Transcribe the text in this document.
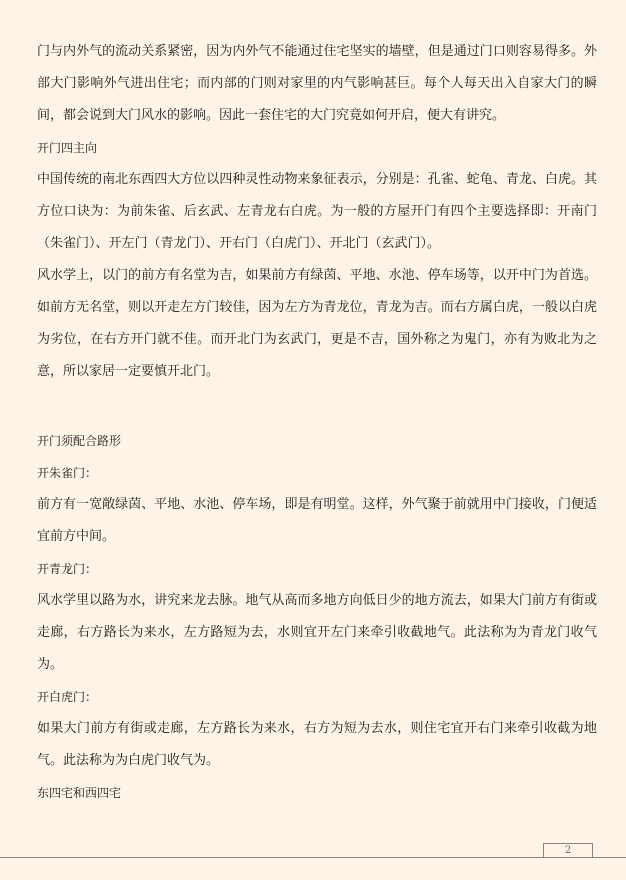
门与内外气的流动关系紧密，因为内外气不能通过住宅坚实的墙壁，但是通过门口则容易得多。外部大门影响外气进出住宅；而内部的门则对家里的内气影响甚巨。每个人每天出入自家大门的瞬间，都会说到大门风水的影响。因此一套住宅的大门究竟如何开启，便大有讲究。

开门四主向

中国传统的南北东西四大方位以四种灵性动物来象征表示，分别是：孔雀、蛇龟、青龙、白虎。其方位口诀为：为前朱雀、后玄武、左青龙右白虎。为一般的方屋开门有四个主要选择即：开南门（朱雀门）、开左门（青龙门）、开右门（白虎门）、开北门（玄武门）。

风水学上，以门的前方有名堂为吉，如果前方有绿茵、平地、水池、停车场等，以开中门为首选。如前方无名堂，则以开走左方门较佳，因为左方为青龙位，青龙为吉。而右方属白虎，一般以白虎为劣位，在右方开门就不佳。而开北门为玄武门，更是不吉，国外称之为鬼门，亦有为败北为之意，所以家居一定要慎开北门。

开门须配合路形

开朱雀门：

前方有一宽敞绿茵、平地、水池、停车场，即是有明堂。这样，外气聚于前就用中门接收，门便适宜前方中间。

开青龙门：

风水学里以路为水，讲究来龙去脉。地气从高而多地方向低日少的地方流去，如果大门前方有街或走廊，右方路长为来水，左方路短为去，水则宜开左门来牵引收截地气。此法称为为青龙门收气为。

开白虎门：

如果大门前方有街或走廊，左方路长为来水，右方为短为去水，则住宅宜开右门来牵引收截为地气。此法称为为白虎门收气为。

东四宅和西四宅

2
